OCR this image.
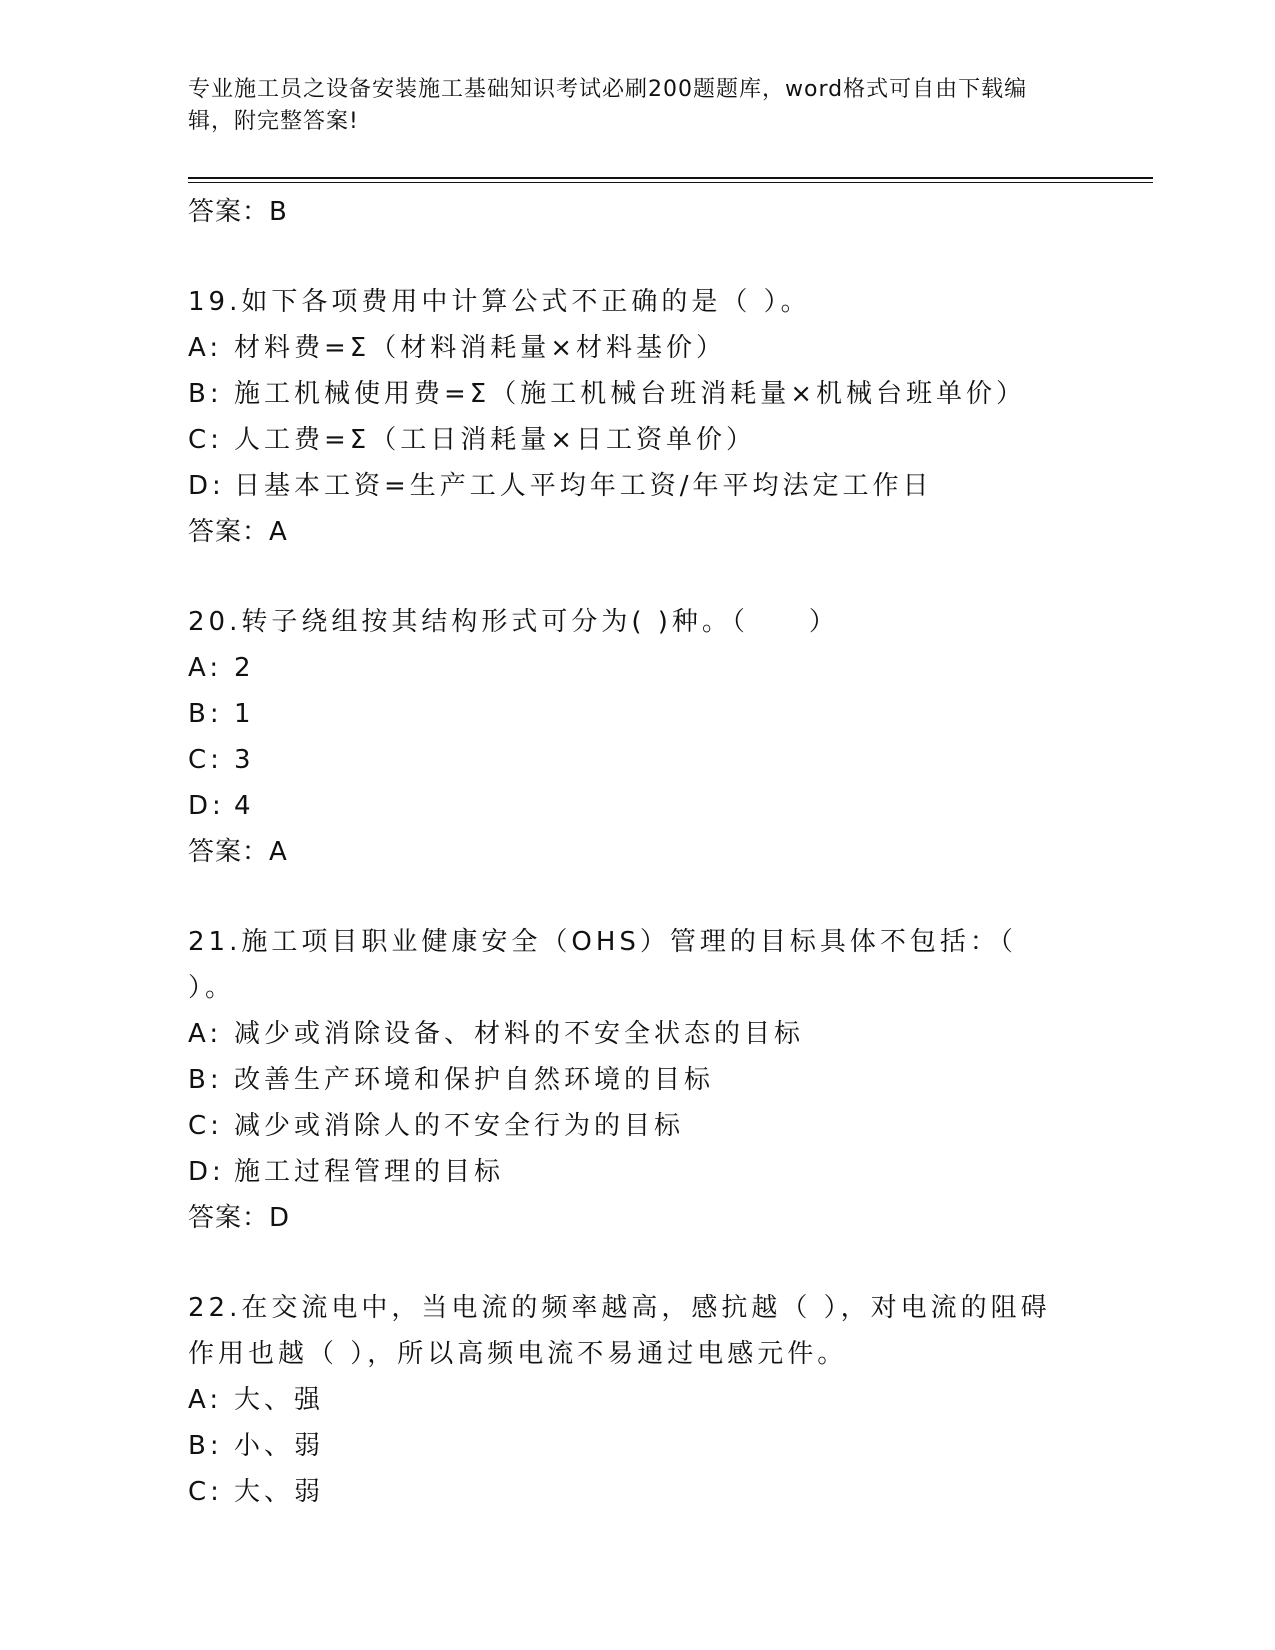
专业施工员之设备安装施工基础知识考试必刷200题题库，word格式可自由下载编辑，附完整答案!
答案：B
19.如下各项费用中计算公式不正确的是（ ）。
A: 材料费=Σ（材料消耗量×材料基价）
B: 施工机械使用费=Σ（施工机械台班消耗量×机械台班单价）
C: 人工费=Σ（工日消耗量×日工资单价）
D: 日基本工资=生产工人平均年工资/年平均法定工作日
答案：A
20.转子绕组按其结构形式可分为( )种。（　　）
A: 2
B: 1
C: 3
D: 4
答案：A
21.施工项目职业健康安全（OHS）管理的目标具体不包括：（ ）。
A: 减少或消除设备、材料的不安全状态的目标
B: 改善生产环境和保护自然环境的目标
C: 减少或消除人的不安全行为的目标
D: 施工过程管理的目标
答案：D
22.在交流电中，当电流的频率越高，感抗越（ ），对电流的阻碍作用也越（ ），所以高频电流不易通过电感元件。
A: 大、强
B: 小、弱
C: 大、弱
